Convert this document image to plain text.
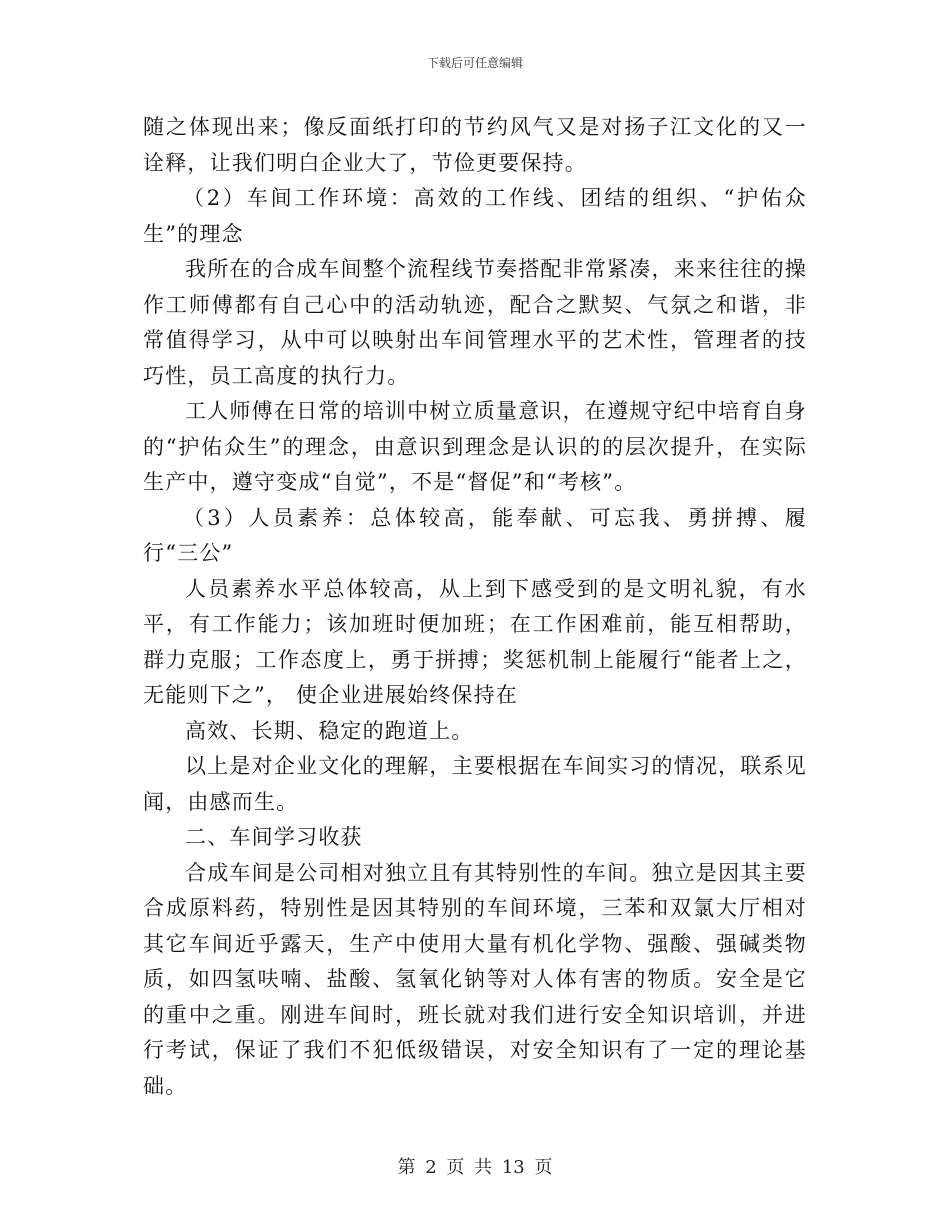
下载后可任意编辑

随之体现出来；像反面纸打印的节约风气又是对扬子江文化的又一诠释，让我们明白企业大了，节俭更要保持。

（2）车间工作环境：高效的工作线、团结的组织、“护佑众生”的理念

我所在的合成车间整个流程线节奏搭配非常紧凑，来来往往的操作工师傅都有自己心中的活动轨迹，配合之默契、气氛之和谐，非常值得学习，从中可以映射出车间管理水平的艺术性，管理者的技巧性，员工高度的执行力。

工人师傅在日常的培训中树立质量意识，在遵规守纪中培育自身的“护佑众生”的理念，由意识到理念是认识的的层次提升，在实际生产中，遵守变成“自觉”，不是“督促”和“考核”。

（3）人员素养：总体较高，能奉献、可忘我、勇拼搏、履行“三公”

人员素养水平总体较高，从上到下感受到的是文明礼貌，有水平，有工作能力；该加班时便加班；在工作困难前，能互相帮助，群力克服；工作态度上，勇于拼搏；奖惩机制上能履行“能者上之，无能则下之”， 使企业进展始终保持在

高效、长期、稳定的跑道上。

以上是对企业文化的理解，主要根据在车间实习的情况，联系见闻，由感而生。

二、车间学习收获

合成车间是公司相对独立且有其特别性的车间。独立是因其主要合成原料药，特别性是因其特别的车间环境，三苯和双氯大厅相对其它车间近乎露天，生产中使用大量有机化学物、强酸、强碱类物质，如四氢呋喃、盐酸、氢氧化钠等对人体有害的物质。安全是它的重中之重。刚进车间时，班长就对我们进行安全知识培训，并进行考试，保证了我们不犯低级错误，对安全知识有了一定的理论基础。

第 2 页 共 13 页
